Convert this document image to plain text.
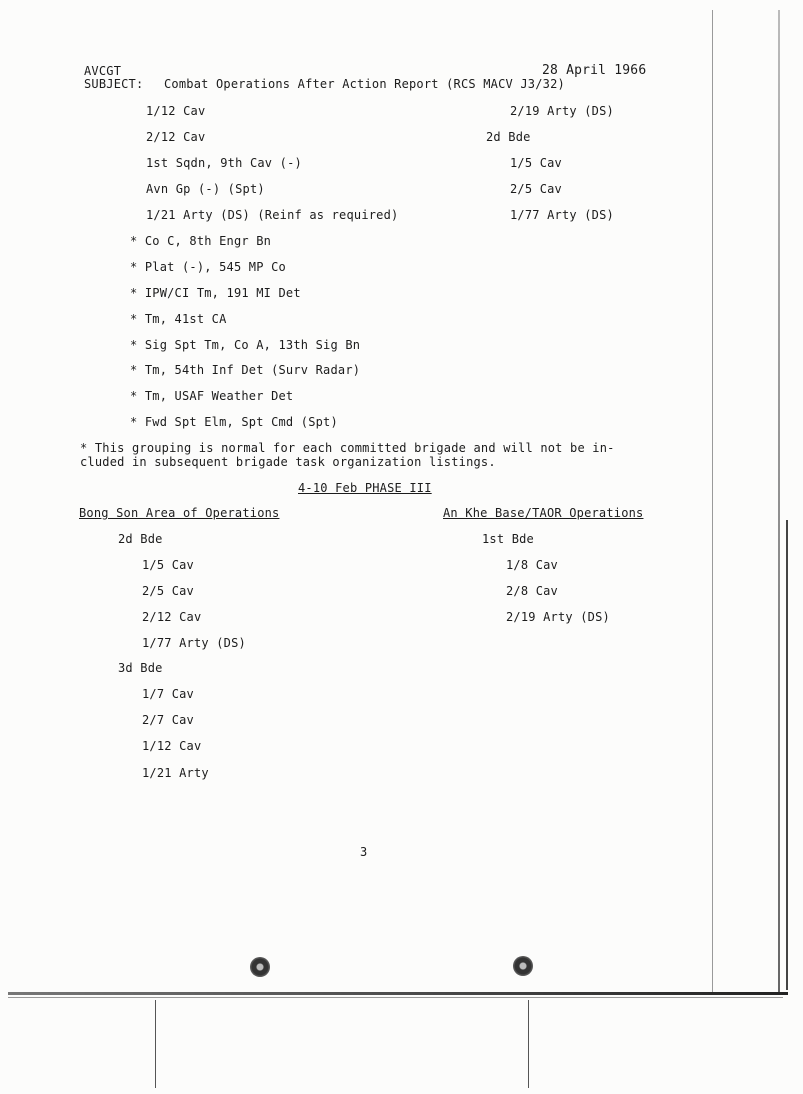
AVCGT	28 April 1966
SUBJECT: Combat Operations After Action Report (RCS MACV J3/32)
1/12 Cav
2/12 Cav
1st Sqdn, 9th Cav (-)
Avn Gp (-) (Spt)
1/21 Arty (DS) (Reinf as required)
2/19 Arty (DS)
2d Bde
1/5 Cav
2/5 Cav
1/77 Arty (DS)
* Co C, 8th Engr Bn
* Plat (-), 545 MP Co
* IPW/CI Tm, 191 MI Det
* Tm, 41st CA
* Sig Spt Tm, Co A, 13th Sig Bn
* Tm, 54th Inf Det (Surv Radar)
* Tm, USAF Weather Det
* Fwd Spt Elm, Spt Cmd (Spt)
* This grouping is normal for each committed brigade and will not be in-
cluded in subsequent brigade task organization listings.
4-10 Feb PHASE III
Bong Son Area of Operations	An Khe Base/TAOR Operations
2d Bde
1/5 Cav
2/5 Cav
2/12 Cav
1/77 Arty (DS)
3d Bde
1/7 Cav
2/7 Cav
1/12 Cav
1/21 Arty
1st Bde
1/8 Cav
2/8 Cav
2/19 Arty (DS)
3
